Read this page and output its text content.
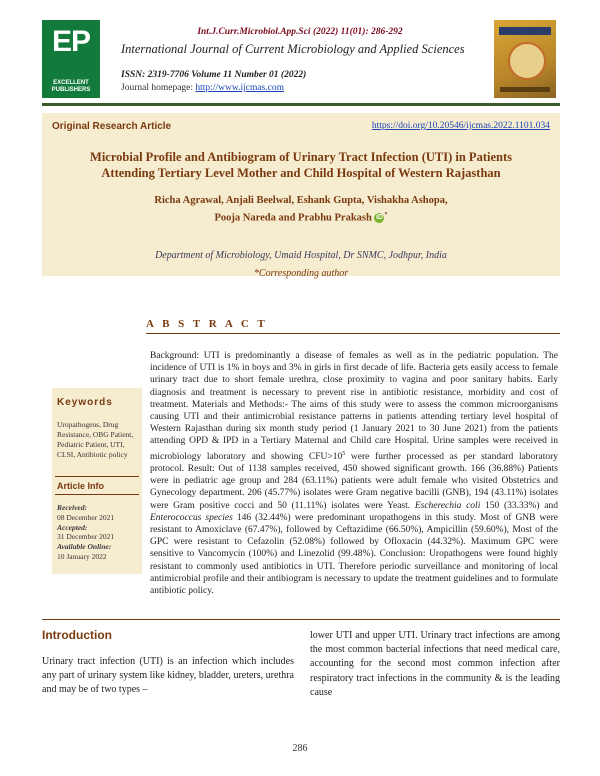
Int.J.Curr.Microbiol.App.Sci (2022) 11(01): 286-292
EP
EXCELLENT PUBLISHERS
International Journal of Current Microbiology and Applied Sciences
ISSN: 2319-7706 Volume 11 Number 01 (2022)
Journal homepage: http://www.ijcmas.com
Original Research Article	https://doi.org/10.20546/ijcmas.2022.1101.034
Microbial Profile and Antibiogram of Urinary Tract Infection (UTI) in Patients
Attending Tertiary Level Mother and Child Hospital of Western Rajasthan
Richa Agrawal, Anjali Beelwal, Eshank Gupta, Vishakha Ashopa,
Pooja Nareda and Prabhu Prakash iD *
Department of Microbiology, Umaid Hospital, Dr SNMC, Jodhpur, India
*Corresponding author
A B S T R A C T
Keywords
Uropathogens, Drug Resistance, OBG Patient, Pediatric Patient, UTI, CLSI, Antibiotic policy
Article Info
Received:
08 December 2021
Accepted:
31 December 2021
Available Online:
10 January 2022
Background: UTI is predominantly a disease of females as well as in the pediatric population. The incidence of UTI is 1% in boys and 3% in girls in first decade of life. Bacteria gets easily access to female urinary tract due to short female urethra, close proximity to vagina and poor sanitary habits. Early diagnosis and treatment is necessary to prevent rise in antibiotic resistance, morbidity and cost of treatment. Materials and Methods:- The aims of this study were to assess the common microorganisms causing UTI and their antimicrobial resistance patterns in patients attending tertiary level hospital of Western Rajasthan during six month study period (1 January 2021 to 30 June 2021) from the patients attending OPD & IPD in a Tertiary Maternal and Child care Hospital. Urine samples were received in microbiology laboratory and showing $CFU>10^5$ were further processed as per standard laboratory protocol. Result: Out of 1138 samples received, 450 showed significant growth. 166 (36.88%) Patients were in pediatric age group and 284 (63.11%) patients were adult female who visited Obstetrics and Gynecology department. 206 (45.77%) isolates were Gram negative bacilli (GNB), 194 (43.11%) isolates were Gram positive cocci and 50 (11.11%) isolates were Yeast. Escherechia coli 150 (33.33%) and Enterococcus species 146 (32.44%) were predominant uropathogens in this study. Most of GNB were resistant to Amoxiclave (67.47%), followed by Ceftazidime (66.50%), Ampicillin (59.60%), Most of the GPC were resistant to Cefazolin (52.08%) followed by Ofloxacin (44.32%). Maximum GPC were sensitive to Vancomycin (100%) and Linezolid (99.48%). Conclusion: Uropathogens were found highly resistant to commonly used antibiotics in UTI. Therefore periodic surveillance and monitoring of local antimicrobial profile and their antibiogram is necessary to update the treatment guidelines and to formulate antibiotic policy.
Introduction
Urinary tract infection (UTI) is an infection which includes any part of urinary system like kidney, bladder, ureters, urethra and may be of two types –
lower UTI and upper UTI. Urinary tract infections are among the most common bacterial infections that need medical care, accounting for the second most common infection after respiratory tract infections in the community & is the leading cause
286
